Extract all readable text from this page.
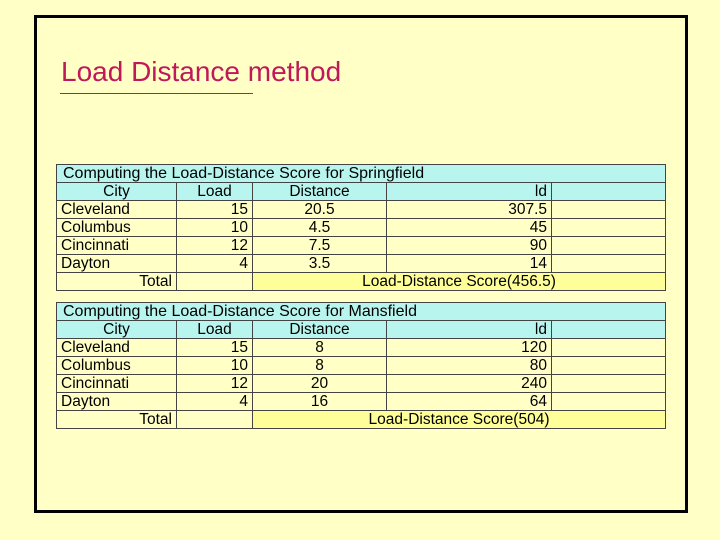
Load Distance method
Computing the Load-Distance Score for Springfield				
City	Load	Distance	ld	
Cleveland	15	20.5	307.5	
Columbus	10	4.5	45	
Cincinnati	12	7.5	90	
Dayton	4	3.5	14	
Total		Load-Distance Score(456.5)		
Computing the Load-Distance Score for Mansfield				
City	Load	Distance	ld	
Cleveland	15	8	120	
Columbus	10	8	80	
Cincinnati	12	20	240	
Dayton	4	16	64	
Total		Load-Distance Score(504)		
